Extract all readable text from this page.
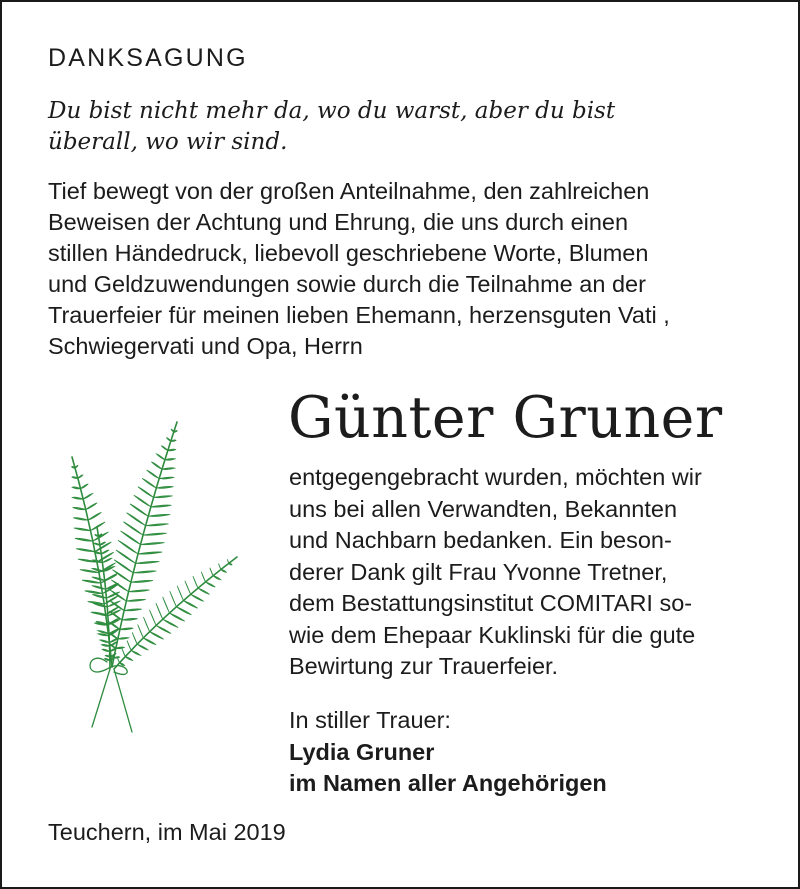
DANKSAGUNG
Du bist nicht mehr da, wo du warst, aber du bist
überall, wo wir sind.
Tief bewegt von der großen Anteilnahme, den zahlreichen
Beweisen der Achtung und Ehrung, die uns durch einen
stillen Händedruck, liebevoll geschriebene Worte, Blumen
und Geldzuwendungen sowie durch die Teilnahme an der
Trauerfeier für meinen lieben Ehemann, herzensguten Vati ,
Schwiegervati und Opa, Herrn
Günter Gruner
entgegengebracht wurden, möchten wir
uns bei allen Verwandten, Bekannten
und Nachbarn bedanken. Ein beson-
derer Dank gilt Frau Yvonne Tretner,
dem Bestattungsinstitut COMITARI so-
wie dem Ehepaar Kuklinski für die gute
Bewirtung zur Trauerfeier.
In stiller Trauer:
Lydia Gruner
im Namen aller Angehörigen
Teuchern, im Mai 2019
